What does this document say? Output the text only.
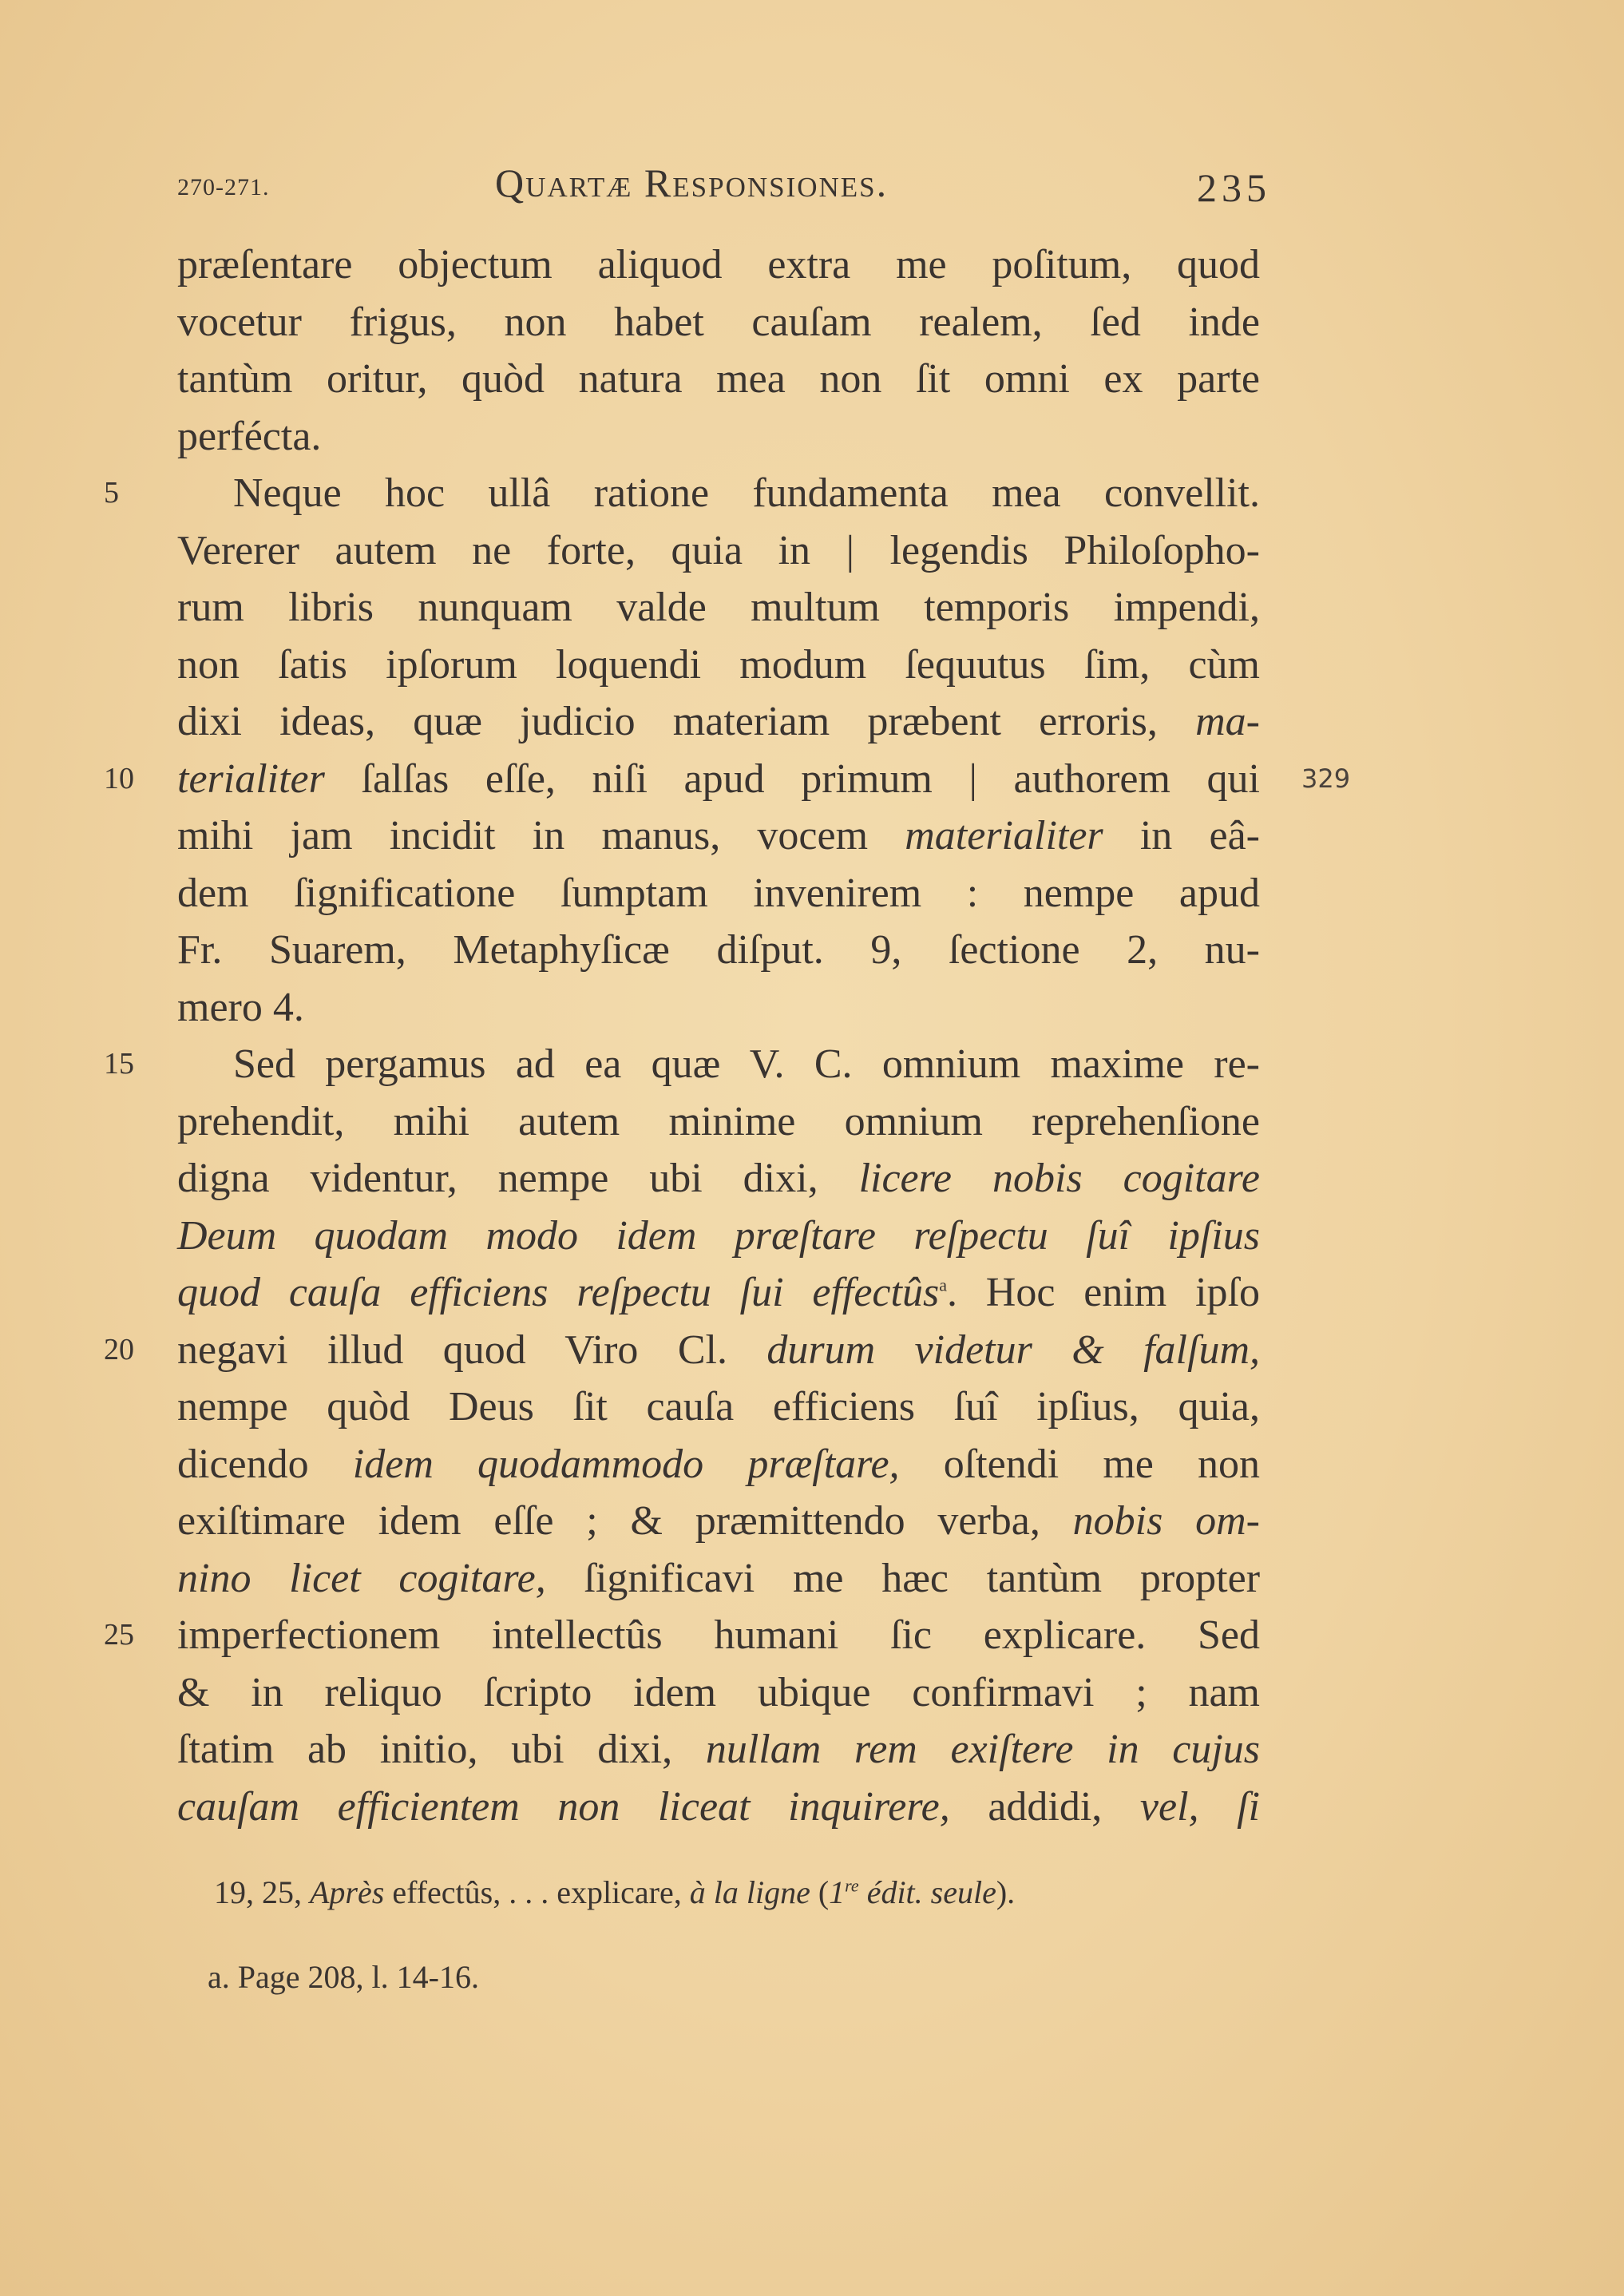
270-271.	Quartæ Responsiones.	235
præſentare objectum aliquod extra me poſitum, quod
vocetur frigus, non habet cauſam realem, ſed inde
tantùm oritur, quòd natura mea non ſit omni ex parte
perfécta.
5	Neque hoc ullâ ratione fundamenta mea convellit.
Vererer autem ne forte, quia in | legendis Philoſopho-
rum libris nunquam valde multum temporis impendi,
non ſatis ipſorum loquendi modum ſequutus ſim, cùm
dixi ideas, quæ judicio materiam præbent erroris, ma-
10	329
terialiter ſalſas eſſe, niſi apud primum | authorem qui
mihi jam incidit in manus, vocem materialiter in eâ-
dem ſignificatione ſumptam invenirem : nempe apud
Fr. Suarem, Metaphyſicæ diſput. 9, ſectione 2, nu-
mero 4.
15	Sed pergamus ad ea quæ V. C. omnium maxime re-
prehendit, mihi autem minime omnium reprehenſione
digna videntur, nempe ubi dixi, licere nobis cogitare
Deum quodam modo idem præſtare reſpectu ſuî ipſius
quod cauſa efficiens reſpectu ſui effectûs$^a$. Hoc enim ipſo
20	negavi illud quod Viro Cl. durum videtur & falſum,
nempe quòd Deus ſit cauſa efficiens ſuî ipſius, quia,
dicendo idem quodammodo præſtare, oſtendi me non
exiſtimare idem eſſe ; & præmittendo verba, nobis om-
nino licet cogitare, ſignificavi me hæc tantùm propter
25	imperfectionem intellectûs humani ſic explicare. Sed
& in reliquo ſcripto idem ubique confirmavi ; nam
ſtatim ab initio, ubi dixi, nullam rem exiſtere in cujus
cauſam efficientem non liceat inquirere, addidi, vel, ſi
19, 25, Après effectûs, . . . explicare, à la ligne (1re édit. seule).
a. Page 208, l. 14-16.
